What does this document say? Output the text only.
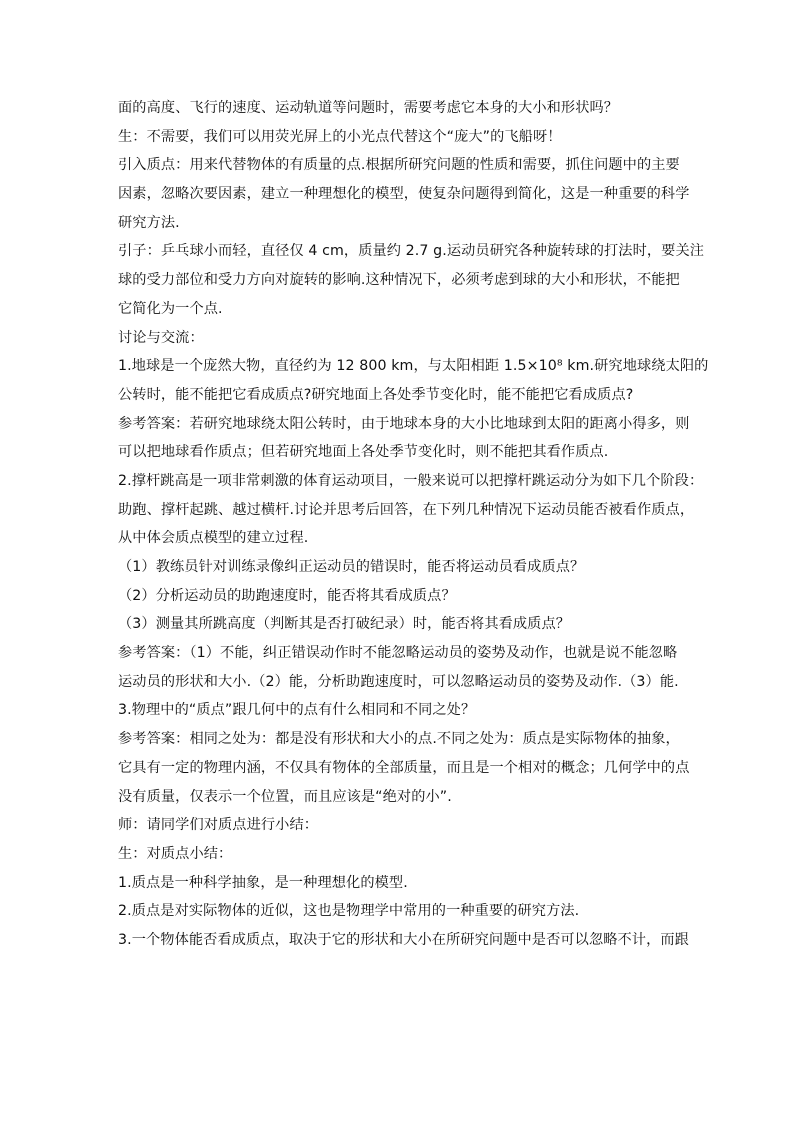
面的高度、飞行的速度、运动轨道等问题时，需要考虑它本身的大小和形状吗？
生：不需要，我们可以用荧光屏上的小光点代替这个“庞大”的飞船呀！
引入质点：用来代替物体的有质量的点.根据所研究问题的性质和需要，抓住问题中的主要
因素，忽略次要因素，建立一种理想化的模型，使复杂问题得到简化，这是一种重要的科学
研究方法.
引子：乒乓球小而轻，直径仅 4 cm，质量约 2.7 g.运动员研究各种旋转球的打法时，要关注
球的受力部位和受力方向对旋转的影响.这种情况下，必须考虑到球的大小和形状，不能把
它简化为一个点.
讨论与交流：
1.地球是一个庞然大物，直径约为 12 800 km，与太阳相距 1.5×10⁸ km.研究地球绕太阳的
公转时，能不能把它看成质点?研究地面上各处季节变化时，能不能把它看成质点?
参考答案：若研究地球绕太阳公转时，由于地球本身的大小比地球到太阳的距离小得多，则
可以把地球看作质点；但若研究地面上各处季节变化时，则不能把其看作质点.
2.撑杆跳高是一项非常刺激的体育运动项目，一般来说可以把撑杆跳运动分为如下几个阶段：
助跑、撑杆起跳、越过横杆.讨论并思考后回答，在下列几种情况下运动员能否被看作质点，
从中体会质点模型的建立过程.
（1）教练员针对训练录像纠正运动员的错误时，能否将运动员看成质点？
（2）分析运动员的助跑速度时，能否将其看成质点？
（3）测量其所跳高度（判断其是否打破纪录）时，能否将其看成质点？
参考答案：（1）不能，纠正错误动作时不能忽略运动员的姿势及动作，也就是说不能忽略
运动员的形状和大小.（2）能，分析助跑速度时，可以忽略运动员的姿势及动作.（3）能.
3.物理中的“质点”跟几何中的点有什么相同和不同之处？
参考答案：相同之处为：都是没有形状和大小的点.不同之处为：质点是实际物体的抽象，
它具有一定的物理内涵，不仅具有物体的全部质量，而且是一个相对的概念；几何学中的点
没有质量，仅表示一个位置，而且应该是“绝对的小”.
师：请同学们对质点进行小结：
生：对质点小结：
1.质点是一种科学抽象，是一种理想化的模型.
2.质点是对实际物体的近似，这也是物理学中常用的一种重要的研究方法.
3.一个物体能否看成质点，取决于它的形状和大小在所研究问题中是否可以忽略不计，而跟
